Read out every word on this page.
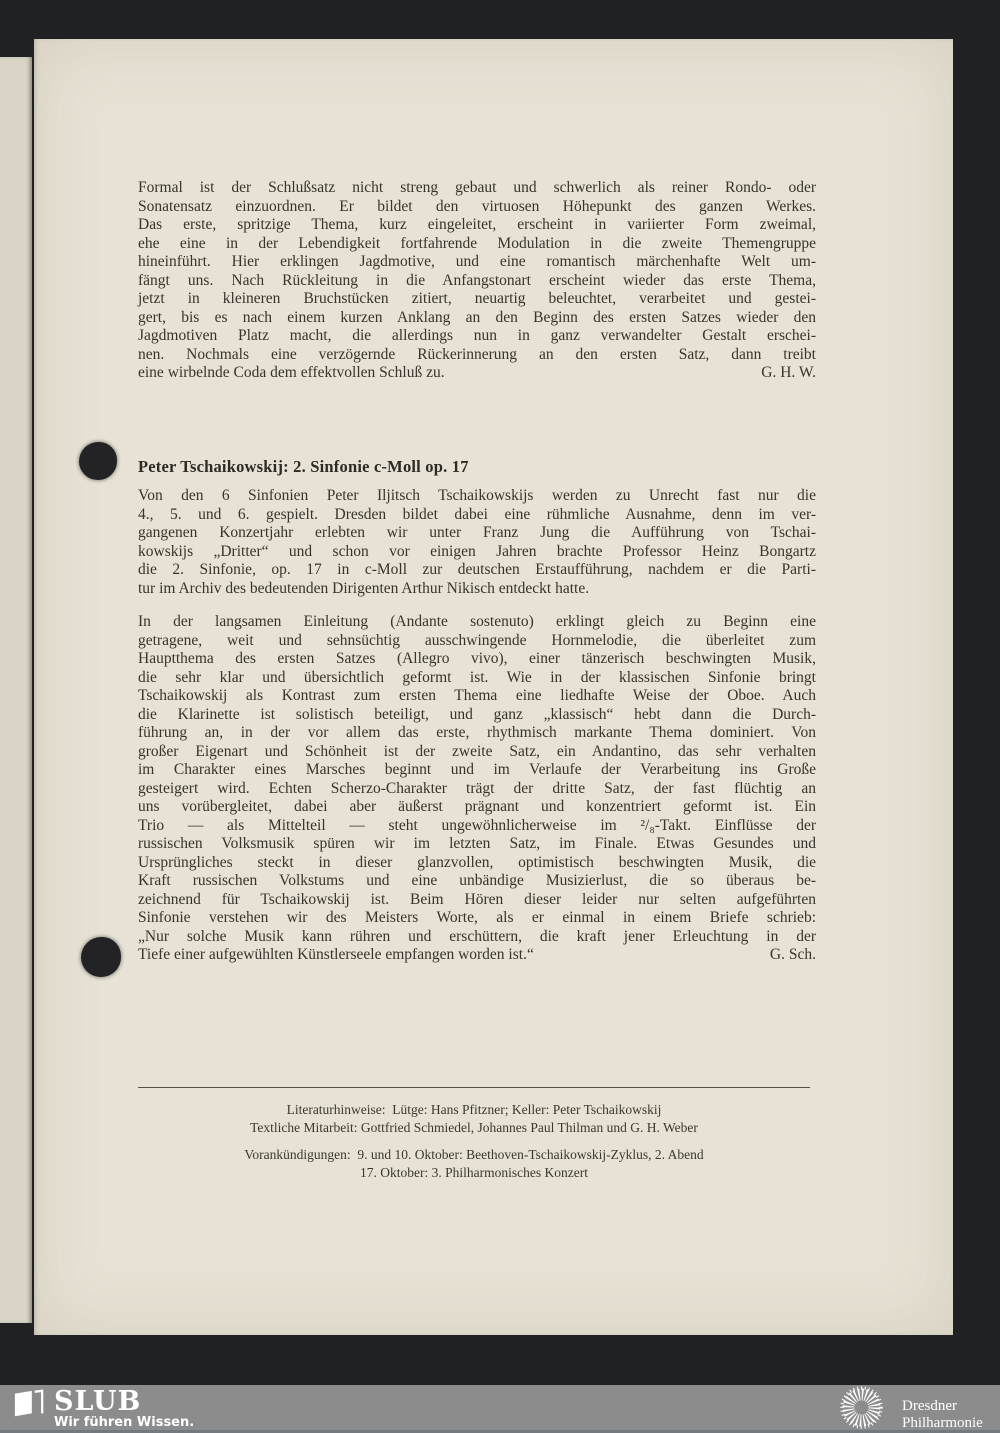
Formal ist der Schlußsatz nicht streng gebaut und schwerlich als reiner Rondo- oder
Sonatensatz einzuordnen. Er bildet den virtuosen Höhepunkt des ganzen Werkes.
Das erste, spritzige Thema, kurz eingeleitet, erscheint in variierter Form zweimal,
ehe eine in der Lebendigkeit fortfahrende Modulation in die zweite Themengruppe
hineinführt. Hier erklingen Jagdmotive, und eine romantisch märchenhafte Welt um-
fängt uns. Nach Rückleitung in die Anfangstonart erscheint wieder das erste Thema,
jetzt in kleineren Bruchstücken zitiert, neuartig beleuchtet, verarbeitet und gestei-
gert, bis es nach einem kurzen Anklang an den Beginn des ersten Satzes wieder den
Jagdmotiven Platz macht, die allerdings nun in ganz verwandelter Gestalt erschei-
nen. Nochmals eine verzögernde Rückerinnerung an den ersten Satz, dann treibt
eine wirbelnde Coda dem effektvollen Schluß zu.	G. H. W.
Peter Tschaikowskij: 2. Sinfonie c-Moll op. 17
Von den 6 Sinfonien Peter Iljitsch Tschaikowskijs werden zu Unrecht fast nur die
4., 5. und 6. gespielt. Dresden bildet dabei eine rühmliche Ausnahme, denn im ver-
gangenen Konzertjahr erlebten wir unter Franz Jung die Aufführung von Tschai-
kowskijs „Dritter“ und schon vor einigen Jahren brachte Professor Heinz Bongartz
die 2. Sinfonie, op. 17 in c-Moll zur deutschen Erstaufführung, nachdem er die Parti-
tur im Archiv des bedeutenden Dirigenten Arthur Nikisch entdeckt hatte.
In der langsamen Einleitung (Andante sostenuto) erklingt gleich zu Beginn eine
getragene, weit und sehnsüchtig ausschwingende Hornmelodie, die überleitet zum
Hauptthema des ersten Satzes (Allegro vivo), einer tänzerisch beschwingten Musik,
die sehr klar und übersichtlich geformt ist. Wie in der klassischen Sinfonie bringt
Tschaikowskij als Kontrast zum ersten Thema eine liedhafte Weise der Oboe. Auch
die Klarinette ist solistisch beteiligt, und ganz „klassisch“ hebt dann die Durch-
führung an, in der vor allem das erste, rhythmisch markante Thema dominiert. Von
großer Eigenart und Schönheit ist der zweite Satz, ein Andantino, das sehr verhalten
im Charakter eines Marsches beginnt und im Verlaufe der Verarbeitung ins Große
gesteigert wird. Echten Scherzo-Charakter trägt der dritte Satz, der fast flüchtig an
uns vorübergleitet, dabei aber äußerst prägnant und konzentriert geformt ist. Ein
Trio — als Mittelteil — steht ungewöhnlicherweise im ²/₈-Takt. Einflüsse der
russischen Volksmusik spüren wir im letzten Satz, im Finale. Etwas Gesundes und
Ursprüngliches steckt in dieser glanzvollen, optimistisch beschwingten Musik, die
Kraft russischen Volkstums und eine unbändige Musizierlust, die so überaus be-
zeichnend für Tschaikowskij ist. Beim Hören dieser leider nur selten aufgeführten
Sinfonie verstehen wir des Meisters Worte, als er einmal in einem Briefe schrieb:
„Nur solche Musik kann rühren und erschüttern, die kraft jener Erleuchtung in der
Tiefe einer aufgewühlten Künstlerseele empfangen worden ist.“	G. Sch.
Literaturhinweise:  Lütge: Hans Pfitzner; Keller: Peter Tschaikowskij
Textliche Mitarbeit: Gottfried Schmiedel, Johannes Paul Thilman und G. H. Weber
Vorankündigungen:  9. und 10. Oktober: Beethoven-Tschaikowskij-Zyklus, 2. Abend
17. Oktober: 3. Philharmonisches Konzert
SLUB
Wir führen Wissen.
Dresdner
Philharmonie
